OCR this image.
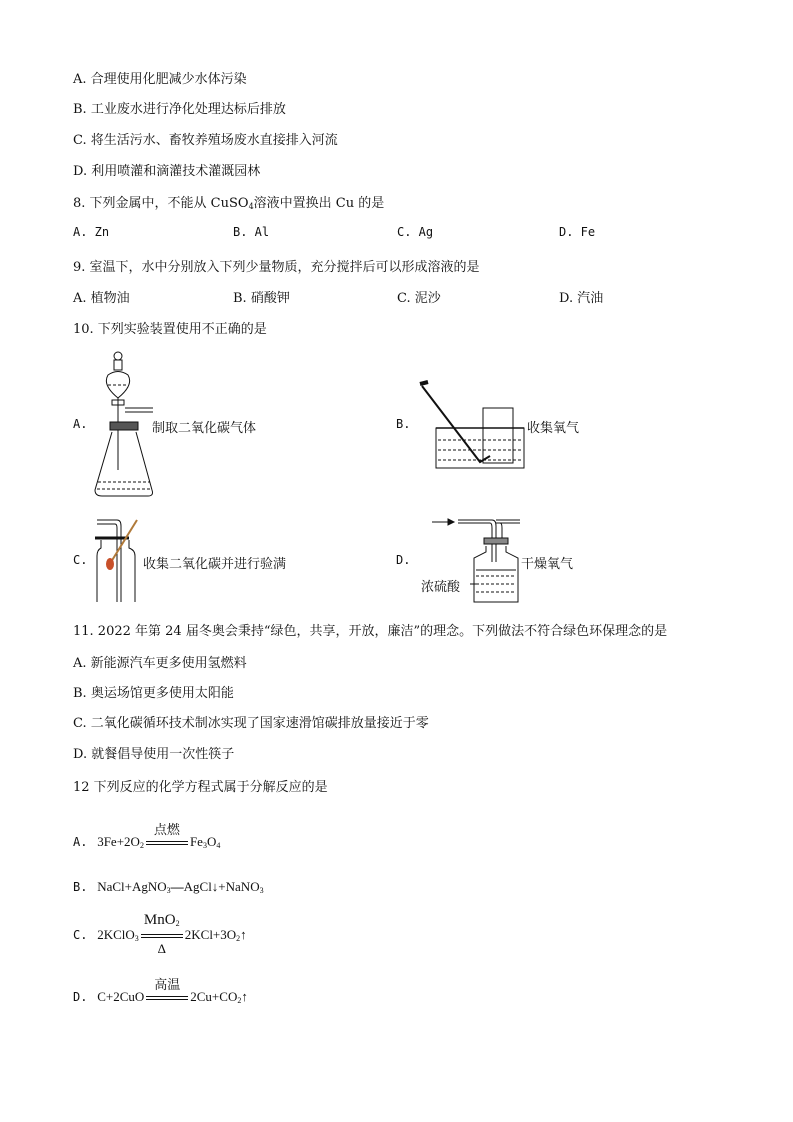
A. 合理使用化肥减少水体污染
B. 工业废水进行净化处理达标后排放
C. 将生活污水、畜牧养殖场废水直接排入河流
D. 利用喷灌和滴灌技术灌溉园林
8. 下列金属中，不能从 CuSO$_4$溶液中置换出 Cu 的是
A. Zn	B. Al	C. Ag	D. Fe
9. 室温下，水中分别放入下列少量物质，充分搅拌后可以形成溶液的是
A. 植物油	B. 硝酸钾	C. 泥沙	D. 汽油
10. 下列实验装置使用不正确的是
A.	制取二氧化碳气体	B.	收集氧气
C.	收集二氧化碳并进行验满	D.
浓硫酸
干燥氧气
11. 2022 年第 24 届冬奥会秉持“绿色，共享，开放，廉洁”的理念。下列做法不符合绿色环保理念的是
A. 新能源汽车更多使用氢燃料
B. 奥运场馆更多使用太阳能
C. 二氧化碳循环技术制冰实现了国家速滑馆碳排放量接近于零
D. 就餐倡导使用一次性筷子
12 下列反应的化学方程式属于分解反应的是
A. $3Fe+2O_2$
点燃
$Fe_3O_4$
B. NaCl+AgNO$_3$—AgCl↓+NaNO$_3$
C. 2KClO$_3$
MnO$_2$
Δ
$2KCl+3O_2↑$
D. C+2CuO
高温
$2Cu+CO_2↑$
